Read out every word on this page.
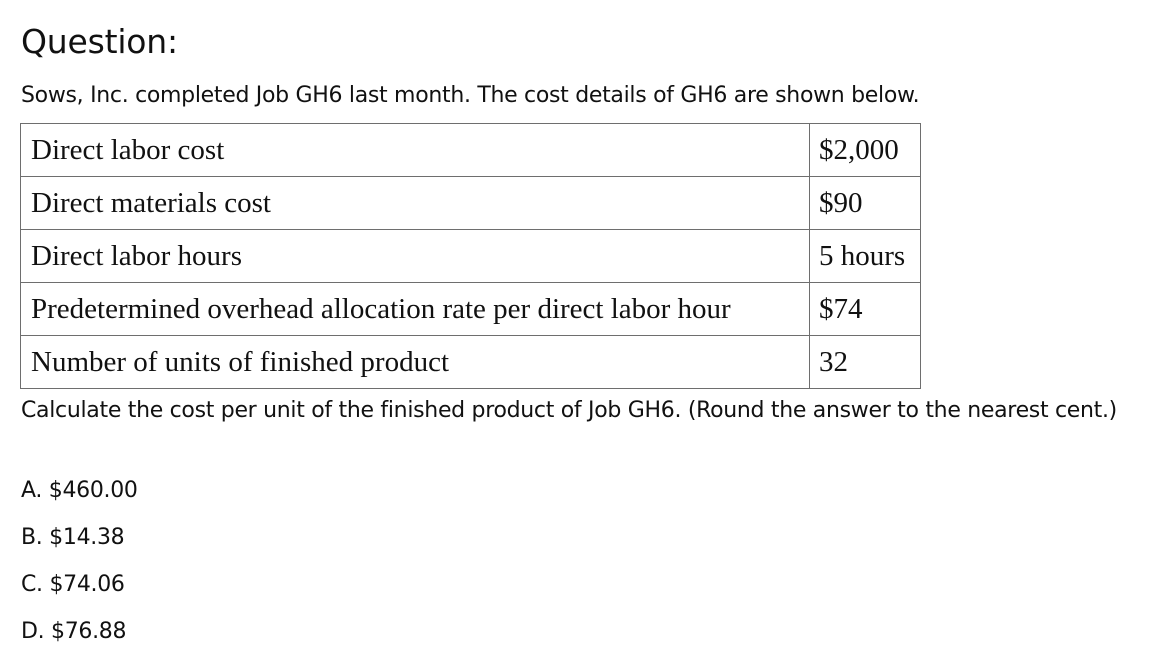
Question:

Sows, Inc. completed Job GH6 last month. The cost details of GH6 are shown below.

Direct labor cost	$2,000
Direct materials cost	$90
Direct labor hours	5 hours
Predetermined overhead allocation rate per direct labor hour	$74
Number of units of finished product	32

Calculate the cost per unit of the finished product of Job GH6. (Round the answer to the nearest cent.)

A. $460.00
B. $14.38
C. $74.06
D. $76.88
